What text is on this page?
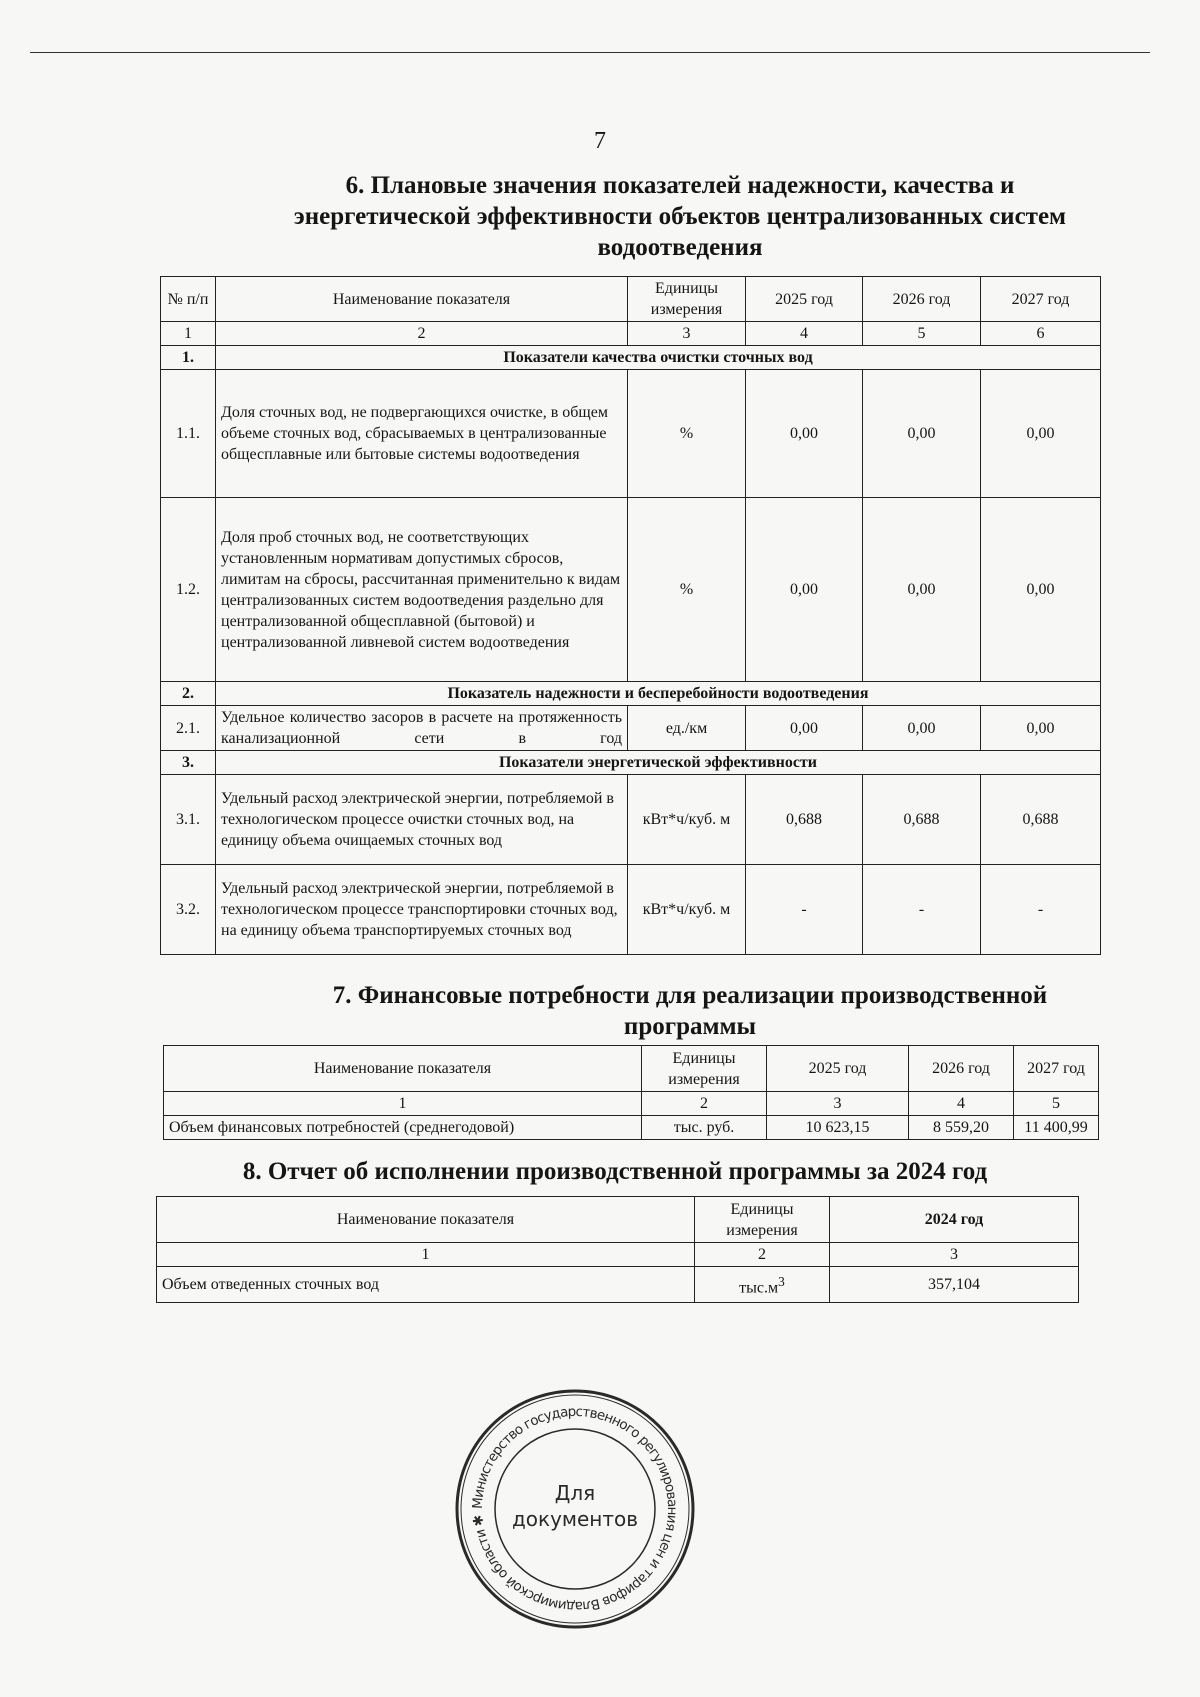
7
6. Плановые значения показателей надежности, качества и энергетической эффективности объектов централизованных систем водоотведения
№ п/п	Наименование показателя	Единицы измерения	2025 год	2026 год	2027 год
1	2	3	4	5	6
1.	Показатели качества очистки сточных вод				
1.1.	Доля сточных вод, не подвергающихся очистке, в общем объеме сточных вод, сбрасываемых в централизованные общесплавные или бытовые системы водоотведения	%	0,00	0,00	0,00
1.2.	Доля проб сточных вод, не соответствующих установленным нормативам допустимых сбросов, лимитам на сбросы, рассчитанная применительно к видам централизованных систем водоотведения раздельно для централизованной общесплавной (бытовой) и централизованной ливневой систем водоотведения	%	0,00	0,00	0,00
2.	Показатель надежности и бесперебойности водоотведения				
2.1.	Удельное количество засоров в расчете на протяженность канализационной сети в год	ед./км	0,00	0,00	0,00
3.	Показатели энергетической эффективности				
3.1.	Удельный расход электрической энергии, потребляемой в технологическом процессе очистки сточных вод, на единицу объема очищаемых сточных вод	кВт*ч/куб. м	0,688	0,688	0,688
3.2.	Удельный расход электрической энергии, потребляемой в технологическом процессе транспортировки сточных вод, на единицу объема транспортируемых сточных вод	кВт*ч/куб. м	-	-	-
7. Финансовые потребности для реализации производственной программы
Наименование показателя	Единицы измерения	2025 год	2026 год	2027 год
1	2	3	4	5
Объем финансовых потребностей (среднегодовой)	тыс. руб.	10 623,15	8 559,20	11 400,99
8. Отчет об исполнении производственной программы за 2024 год
Наименование показателя	Единицы измерения	2024 год
1	2	3
Объем отведенных сточных вод	$тыс.м^3$	357,104
Министерство государственного регулирования цен и тарифов Владимирской области ✱
Для
документов
